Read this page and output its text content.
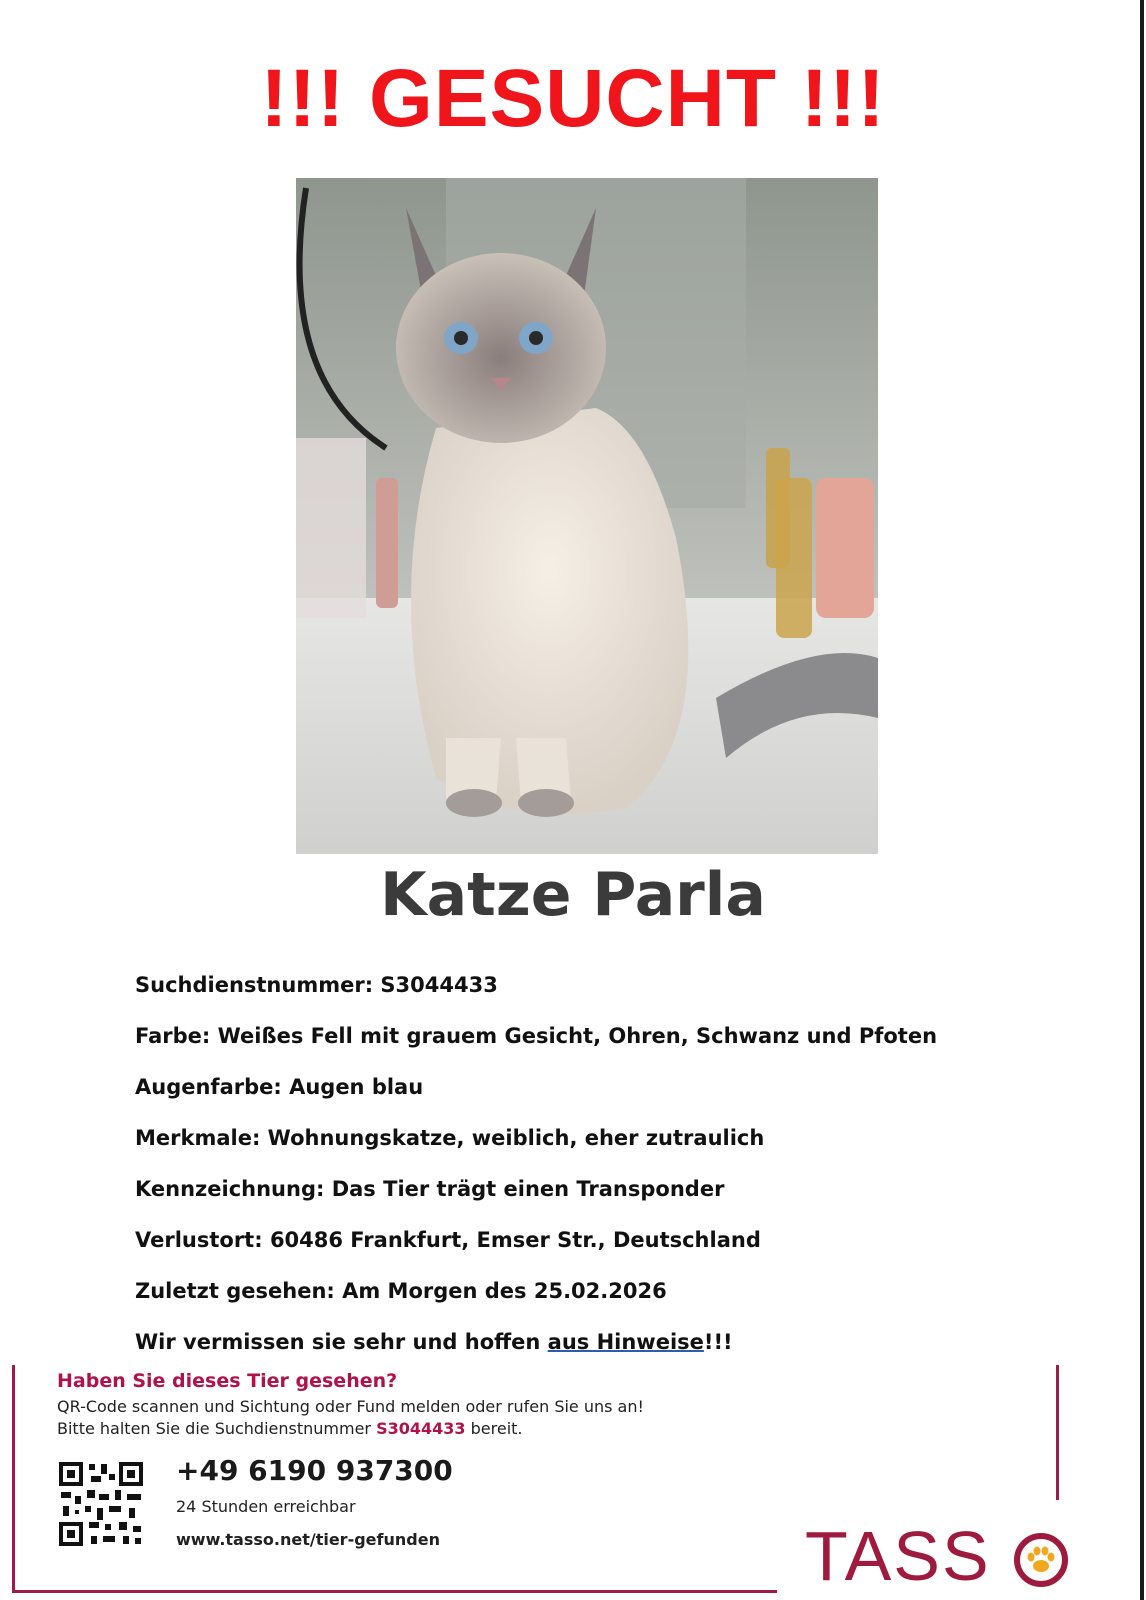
!!! GESUCHT !!!
Katze Parla
Suchdienstnummer: S3044433
Farbe: Weißes Fell mit grauem Gesicht, Ohren, Schwanz und Pfoten
Augenfarbe: Augen blau
Merkmale: Wohnungskatze, weiblich, eher zutraulich
Kennzeichnung: Das Tier trägt einen Transponder
Verlustort: 60486 Frankfurt, Emser Str., Deutschland
Zuletzt gesehen: Am Morgen des 25.02.2026
Wir vermissen sie sehr und hoffen aus Hinweise!!!
Haben Sie dieses Tier gesehen?
QR-Code scannen und Sichtung oder Fund melden oder rufen Sie uns an!
Bitte halten Sie die Suchdienstnummer S3044433 bereit.
+49 6190 937300
24 Stunden erreichbar
www.tasso.net/tier-gefunden	TASS
